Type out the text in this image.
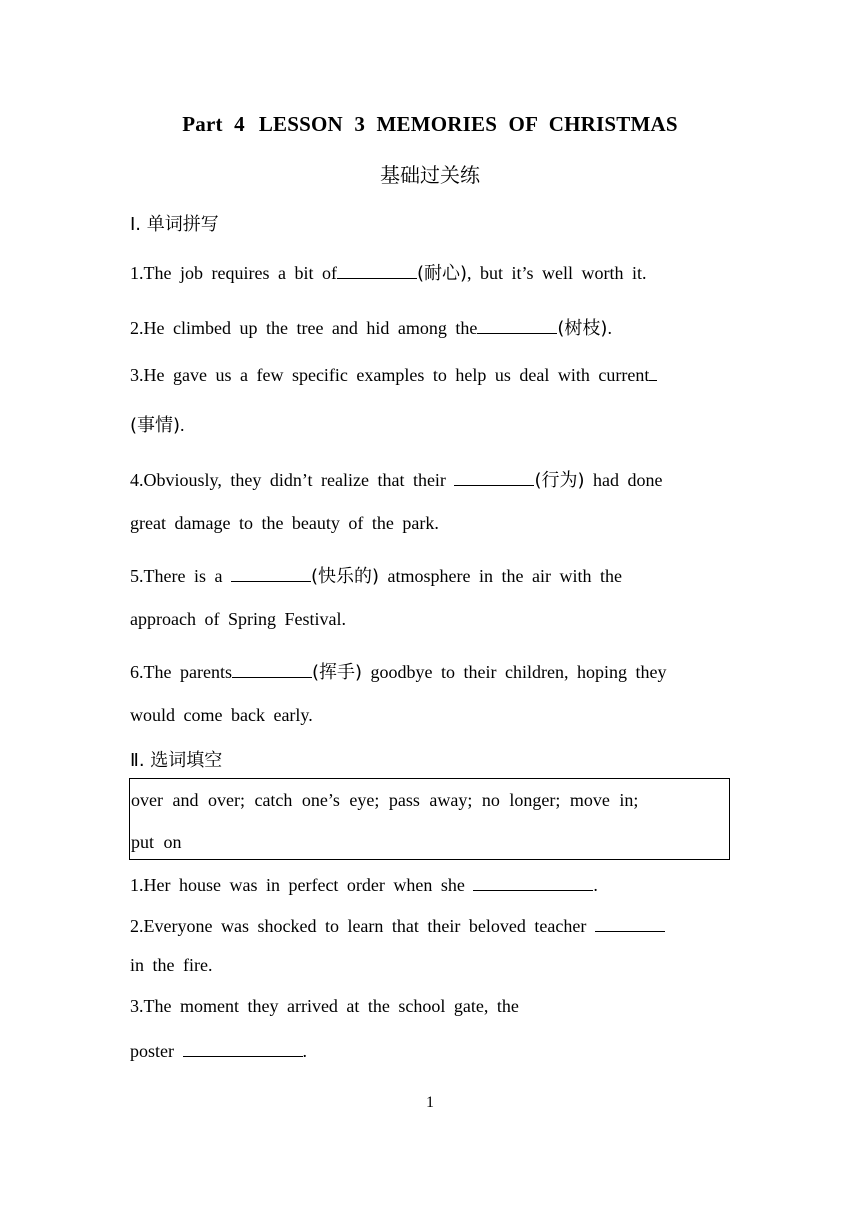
Part 4 LESSON 3 MEMORIES OF CHRISTMAS
基础过关练
Ⅰ. 单词拼写
1.The job requires a bit of	(耐心), but it’s well worth it.
2.He climbed up the tree and hid among the	(树枝).
3.He gave us a few specific examples to help us deal with current
(事情).
4.Obviously, they didn’t realize that their	(行为) had done
great damage to the beauty of the park.
5.There is a	(快乐的) atmosphere in the air with the
approach of Spring Festival.
6.The parents	(挥手) goodbye to their children, hoping they
would come back early.
Ⅱ. 选词填空
over and over; catch one’s eye; pass away; no longer; move in;
put on
1.Her house was in perfect order when she	.
2.Everyone was shocked to learn that their beloved teacher
in the fire.
3.The moment they arrived at the school gate, the
poster	.
1
